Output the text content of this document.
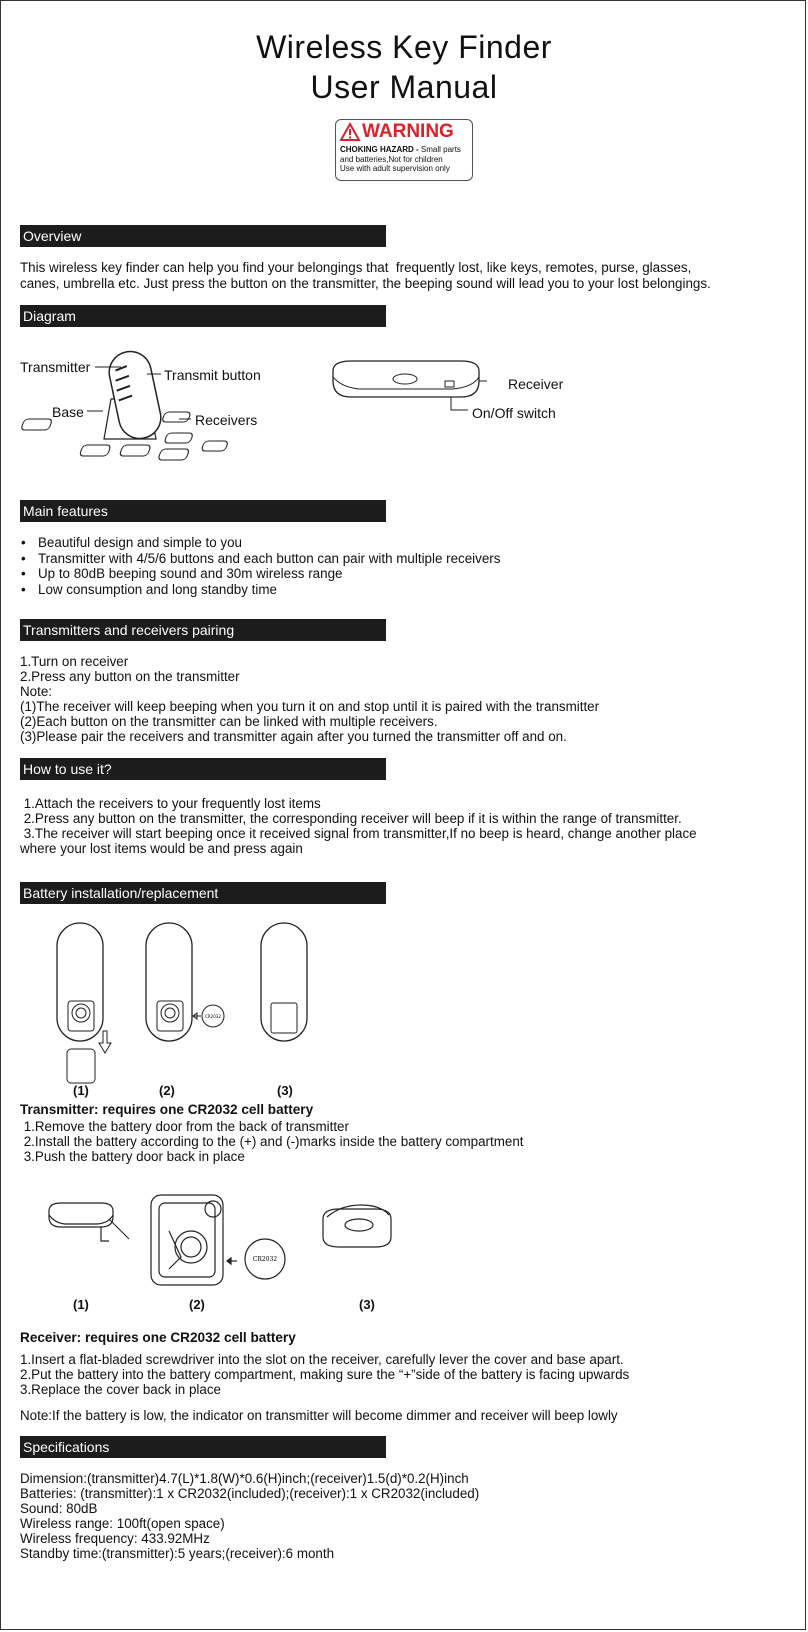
Wireless Key Finder
User Manual
WARNING
CHOKING HAZARD - Small parts
and batteries,Not for children
Use with adult supervision only
Overview
This wireless key finder can help you find your belongings that  frequently lost, like keys, remotes, purse, glasses,
canes, umbrella etc. Just press the button on the transmitter, the beeping sound will lead you to your lost belongings.
Diagram
Transmitter	Transmit button
Base	Receivers
Receiver
On/Off switch
Main features
• Beautiful design and simple to you
• Transmitter with 4/5/6 buttons and each button can pair with multiple receivers
• Up to 80dB beeping sound and 30m wireless range
• Low consumption and long standby time
Transmitters and receivers pairing
1.Turn on receiver
2.Press any button on the transmitter
Note:
(1)The receiver will keep beeping when you turn it on and stop until it is paired with the transmitter
(2)Each button on the transmitter can be linked with multiple receivers.
(3)Please pair the receivers and transmitter again after you turned the transmitter off and on.
How to use it?
1.Attach the receivers to your frequently lost items
2.Press any button on the transmitter, the corresponding receiver will beep if it is within the range of transmitter.
3.The receiver will start beeping once it received signal from transmitter,If no beep is heard, change another place
where your lost items would be and press again
Battery installation/replacement
CR2032
(1)	(2)	(3)
Transmitter: requires one CR2032 cell battery
1.Remove the battery door from the back of transmitter
2.Install the battery according to the (+) and (-)marks inside the battery compartment
3.Push the battery door back in place
CR2032
(1)	(2)	(3)
Receiver: requires one CR2032 cell battery
1.Insert a flat-bladed screwdriver into the slot on the receiver, carefully lever the cover and base apart.
2.Put the battery into the battery compartment, making sure the “+”side of the battery is facing upwards
3.Replace the cover back in place
Note:If the battery is low, the indicator on transmitter will become dimmer and receiver will beep lowly
Specifications
Dimension:(transmitter)4.7(L)*1.8(W)*0.6(H)inch;(receiver)1.5(d)*0.2(H)inch
Batteries: (transmitter):1 x CR2032(included);(receiver):1 x CR2032(included)
Sound: 80dB
Wireless range: 100ft(open space)
Wireless frequency: 433.92MHz
Standby time:(transmitter):5 years;(receiver):6 month
